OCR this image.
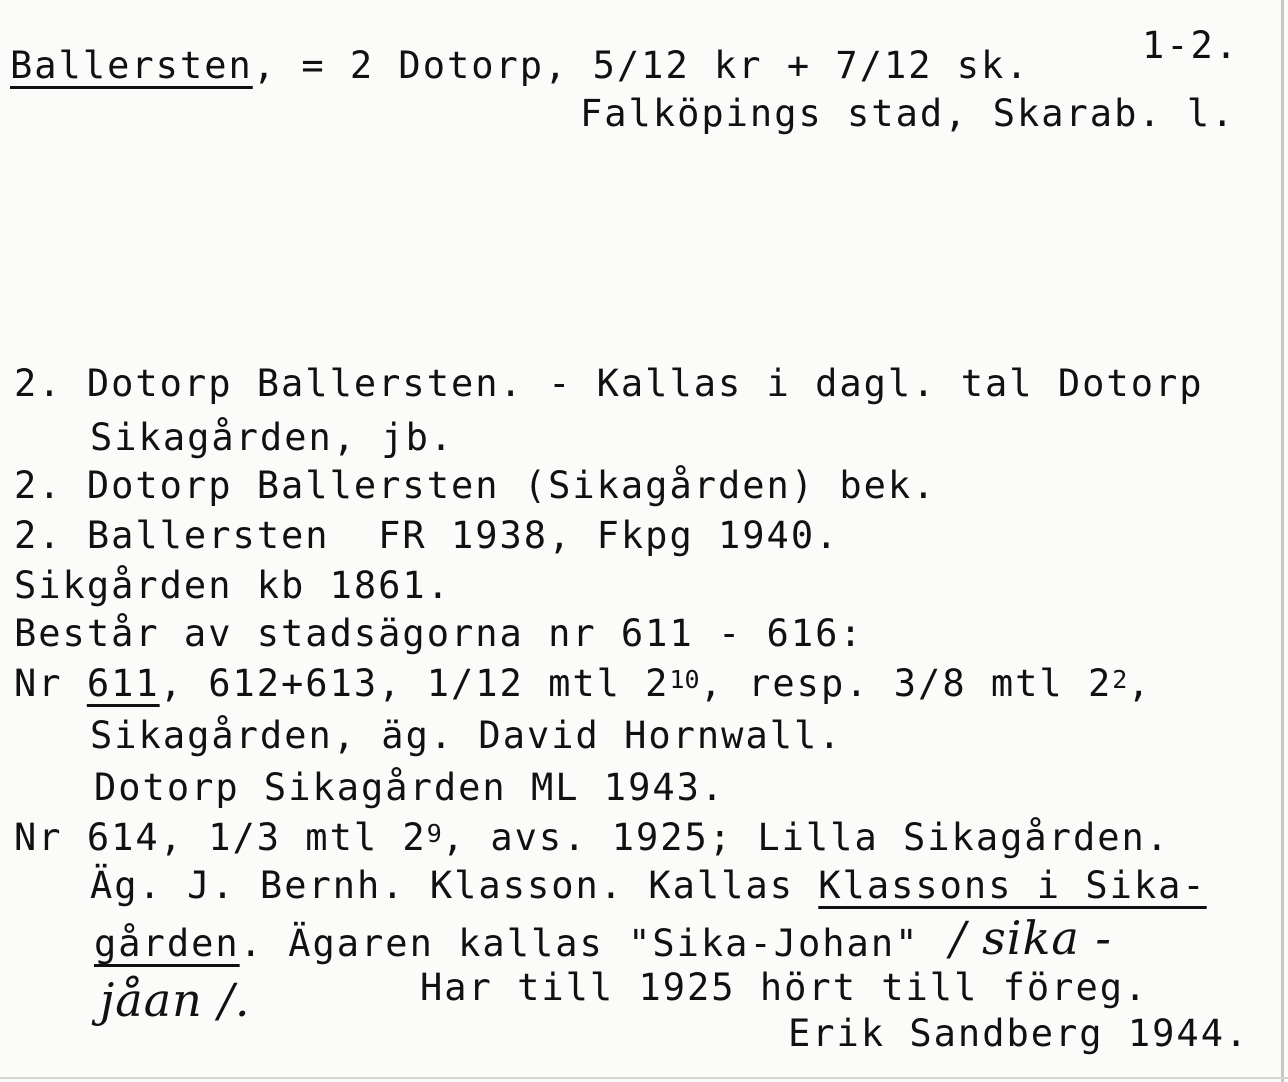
Ballersten, = 2 Dotorp, 5/12 kr + 7/12 sk.	1-2.
Falköpings stad, Skarab. l.
2. Dotorp Ballersten. - Kallas i dagl. tal Dotorp
Sikagården, jb.
2. Dotorp Ballersten (Sikagården) bek.
2. Ballersten  FR 1938, Fkpg 1940.
Sikgården kb 1861.
Består av stadsägorna nr 611 - 616:
Nr 611, 612+613, 1/12 mtl $2^{10}$, resp. 3/8 mtl $2^2$,
Sikagården, äg. David Hornwall.
Dotorp Sikagården ML 1943.
Nr 614, 1/3 mtl $2^9$, avs. 1925; Lilla Sikagården.
Äg. J. Bernh. Klasson. Kallas Klassons i Sika-
gården. Ägaren kallas "Sika-Johan" / sika -
jåan /.	Har till 1925 hört till föreg.
Erik Sandberg 1944.
